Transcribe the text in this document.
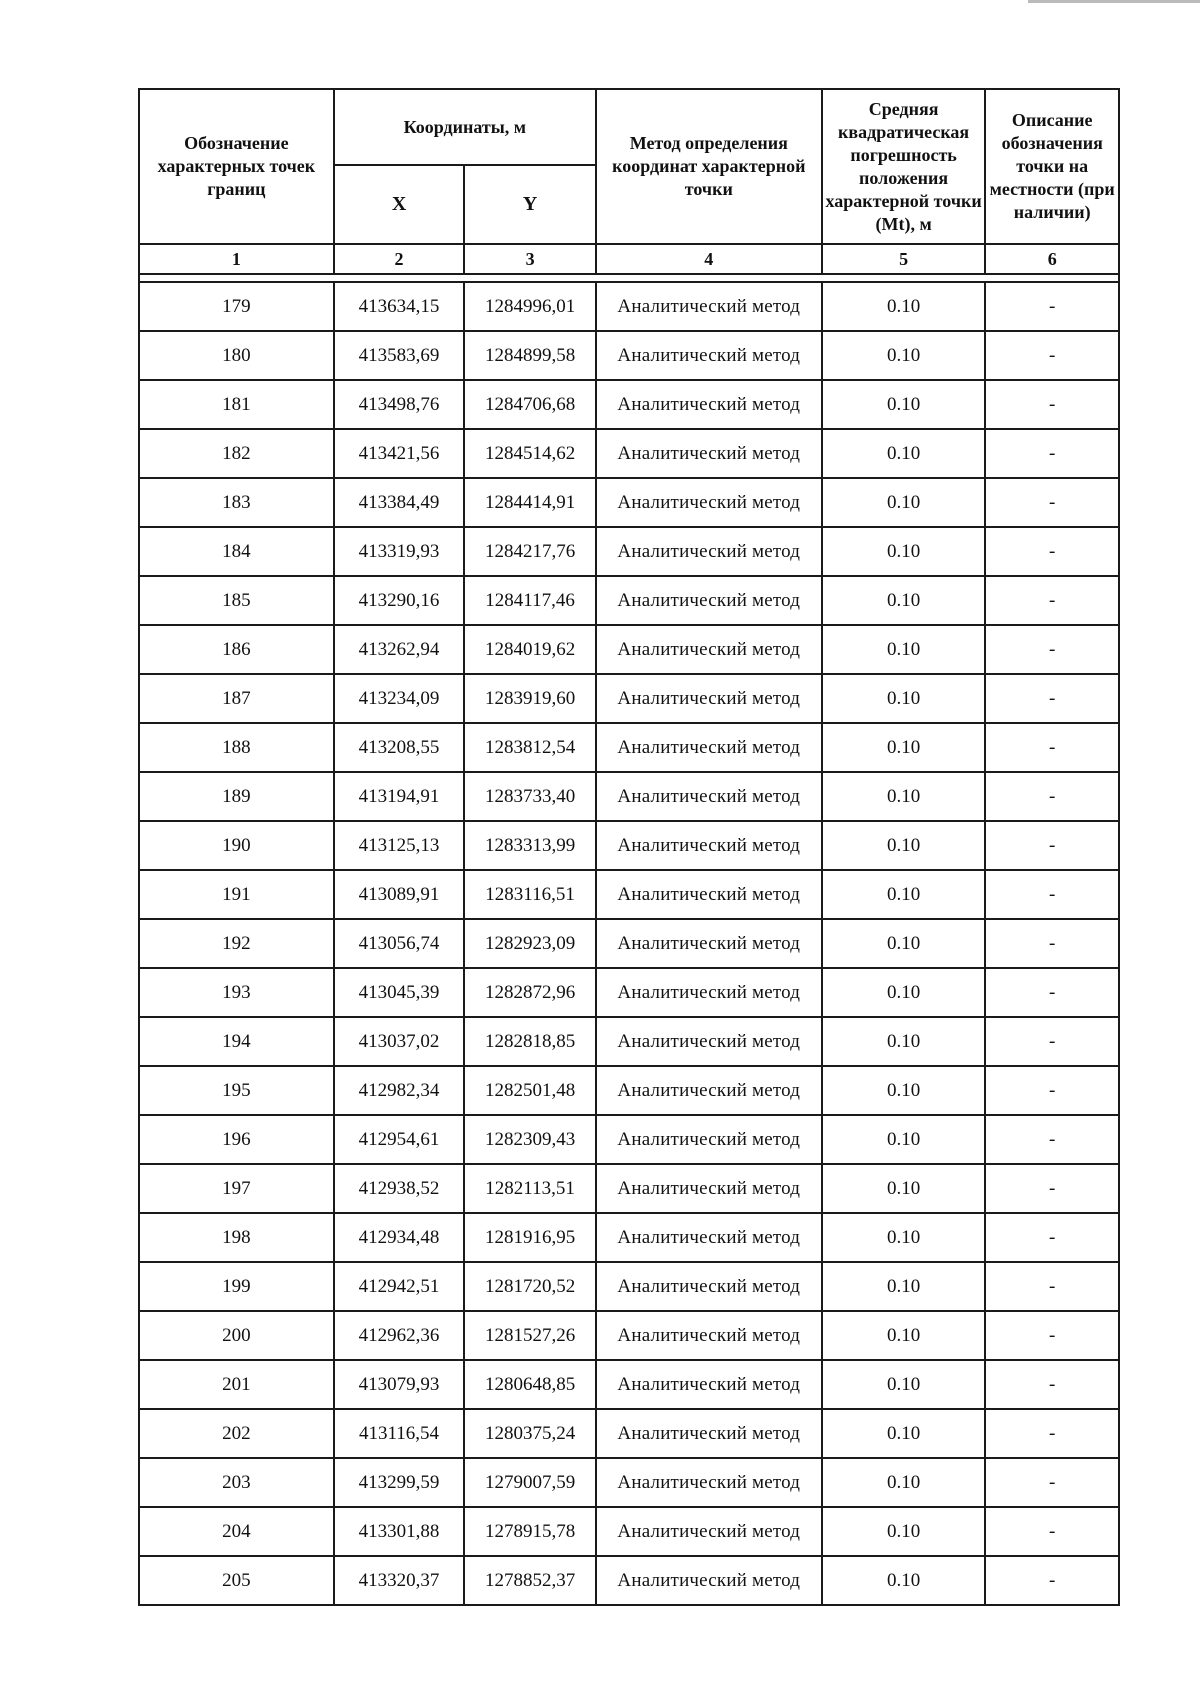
Обозначение характерных точек границ	Координаты, м		Метод определения координат характерной точки	Средняя квадратическая погрешность положения характерной точки (Mt), м	Описание обозначения точки на местности (при наличии)
	X	Y			
1	2	3	4	5	6

179	413634,15	1284996,01	Аналитический метод	0.10	-
180	413583,69	1284899,58	Аналитический метод	0.10	-
181	413498,76	1284706,68	Аналитический метод	0.10	-
182	413421,56	1284514,62	Аналитический метод	0.10	-
183	413384,49	1284414,91	Аналитический метод	0.10	-
184	413319,93	1284217,76	Аналитический метод	0.10	-
185	413290,16	1284117,46	Аналитический метод	0.10	-
186	413262,94	1284019,62	Аналитический метод	0.10	-
187	413234,09	1283919,60	Аналитический метод	0.10	-
188	413208,55	1283812,54	Аналитический метод	0.10	-
189	413194,91	1283733,40	Аналитический метод	0.10	-
190	413125,13	1283313,99	Аналитический метод	0.10	-
191	413089,91	1283116,51	Аналитический метод	0.10	-
192	413056,74	1282923,09	Аналитический метод	0.10	-
193	413045,39	1282872,96	Аналитический метод	0.10	-
194	413037,02	1282818,85	Аналитический метод	0.10	-
195	412982,34	1282501,48	Аналитический метод	0.10	-
196	412954,61	1282309,43	Аналитический метод	0.10	-
197	412938,52	1282113,51	Аналитический метод	0.10	-
198	412934,48	1281916,95	Аналитический метод	0.10	-
199	412942,51	1281720,52	Аналитический метод	0.10	-
200	412962,36	1281527,26	Аналитический метод	0.10	-
201	413079,93	1280648,85	Аналитический метод	0.10	-
202	413116,54	1280375,24	Аналитический метод	0.10	-
203	413299,59	1279007,59	Аналитический метод	0.10	-
204	413301,88	1278915,78	Аналитический метод	0.10	-
205	413320,37	1278852,37	Аналитический метод	0.10	-
